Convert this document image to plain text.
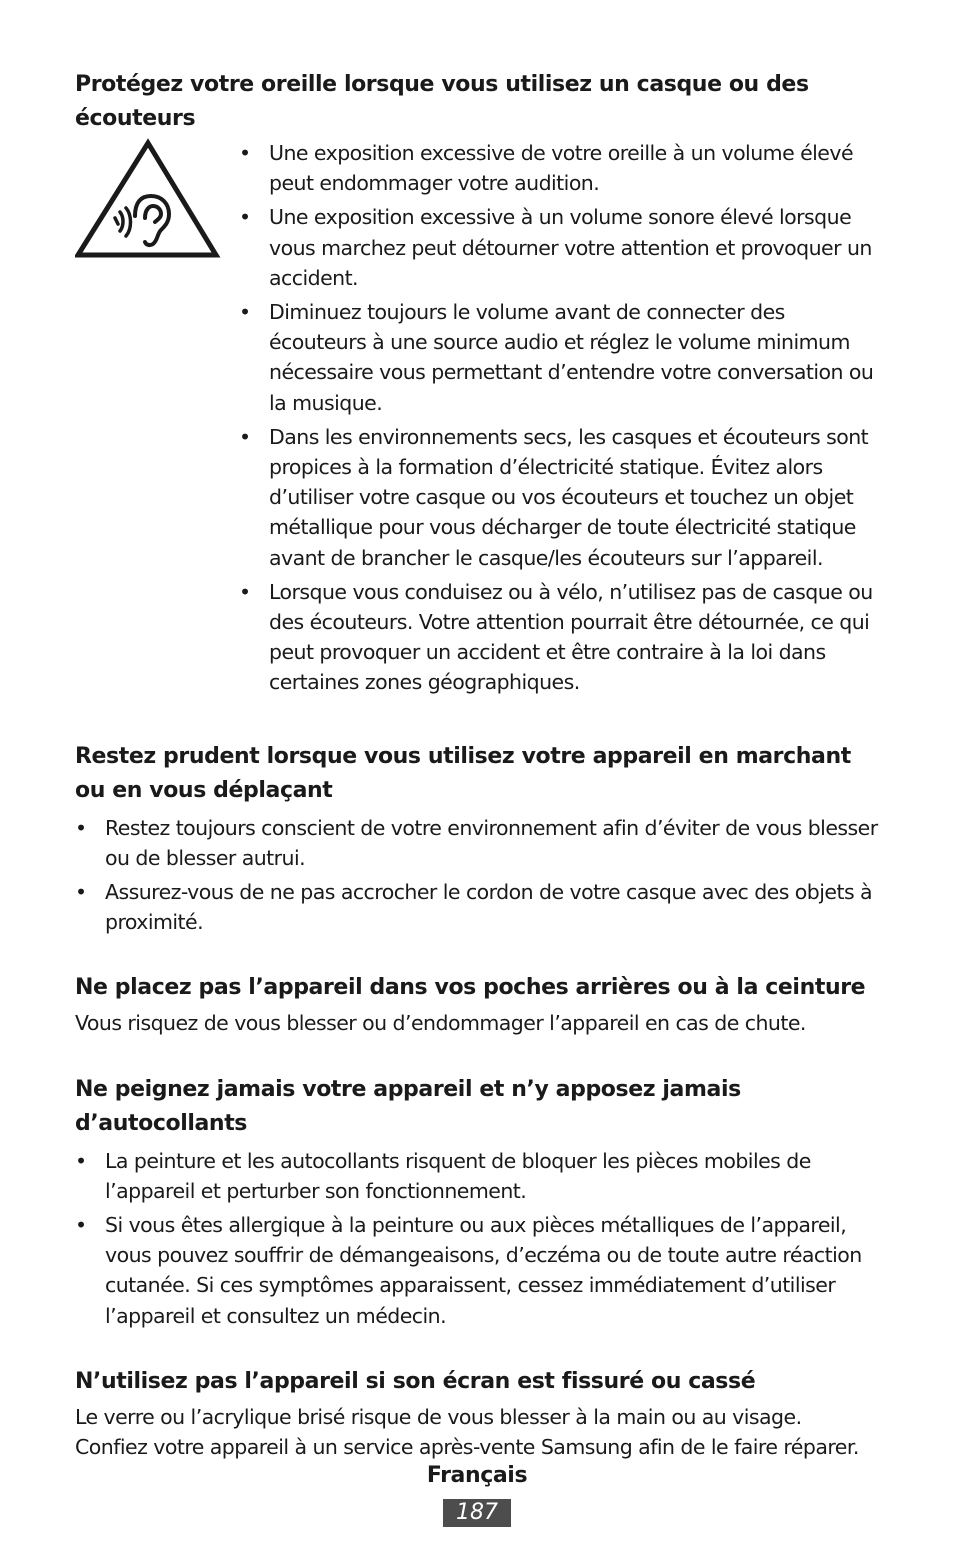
Protégez votre oreille lorsque vous utilisez un casque ou des écouteurs
• Une exposition excessive de votre oreille à un volume élevé peut endommager votre audition.
• Une exposition excessive à un volume sonore élevé lorsque vous marchez peut détourner votre attention et provoquer un accident.
• Diminuez toujours le volume avant de connecter des écouteurs à une source audio et réglez le volume minimum nécessaire vous permettant d’entendre votre conversation ou la musique.
• Dans les environnements secs, les casques et écouteurs sont propices à la formation d’électricité statique. Évitez alors d’utiliser votre casque ou vos écouteurs et touchez un objet métallique pour vous décharger de toute électricité statique avant de brancher le casque/les écouteurs sur l’appareil.
• Lorsque vous conduisez ou à vélo, n’utilisez pas de casque ou des écouteurs. Votre attention pourrait être détournée, ce qui peut provoquer un accident et être contraire à la loi dans certaines zones géographiques.
Restez prudent lorsque vous utilisez votre appareil en marchant ou en vous déplaçant
• Restez toujours conscient de votre environnement afin d’éviter de vous blesser ou de blesser autrui.
• Assurez-vous de ne pas accrocher le cordon de votre casque avec des objets à proximité.
Ne placez pas l’appareil dans vos poches arrières ou à la ceinture

Vous risquez de vous blesser ou d’endommager l’appareil en cas de chute.

Ne peignez jamais votre appareil et n’y apposez jamais d’autocollants
• La peinture et les autocollants risquent de bloquer les pièces mobiles de l’appareil et perturber son fonctionnement.
• Si vous êtes allergique à la peinture ou aux pièces métalliques de l’appareil, vous pouvez souffrir de démangeaisons, d’eczéma ou de toute autre réaction cutanée. Si ces symptômes apparaissent, cessez immédiatement d’utiliser l’appareil et consultez un médecin.
N’utilisez pas l’appareil si son écran est fissuré ou cassé

Le verre ou l’acrylique brisé risque de vous blesser à la main ou au visage.
Confiez votre appareil à un service après-vente Samsung afin de le faire réparer.

Français
187
